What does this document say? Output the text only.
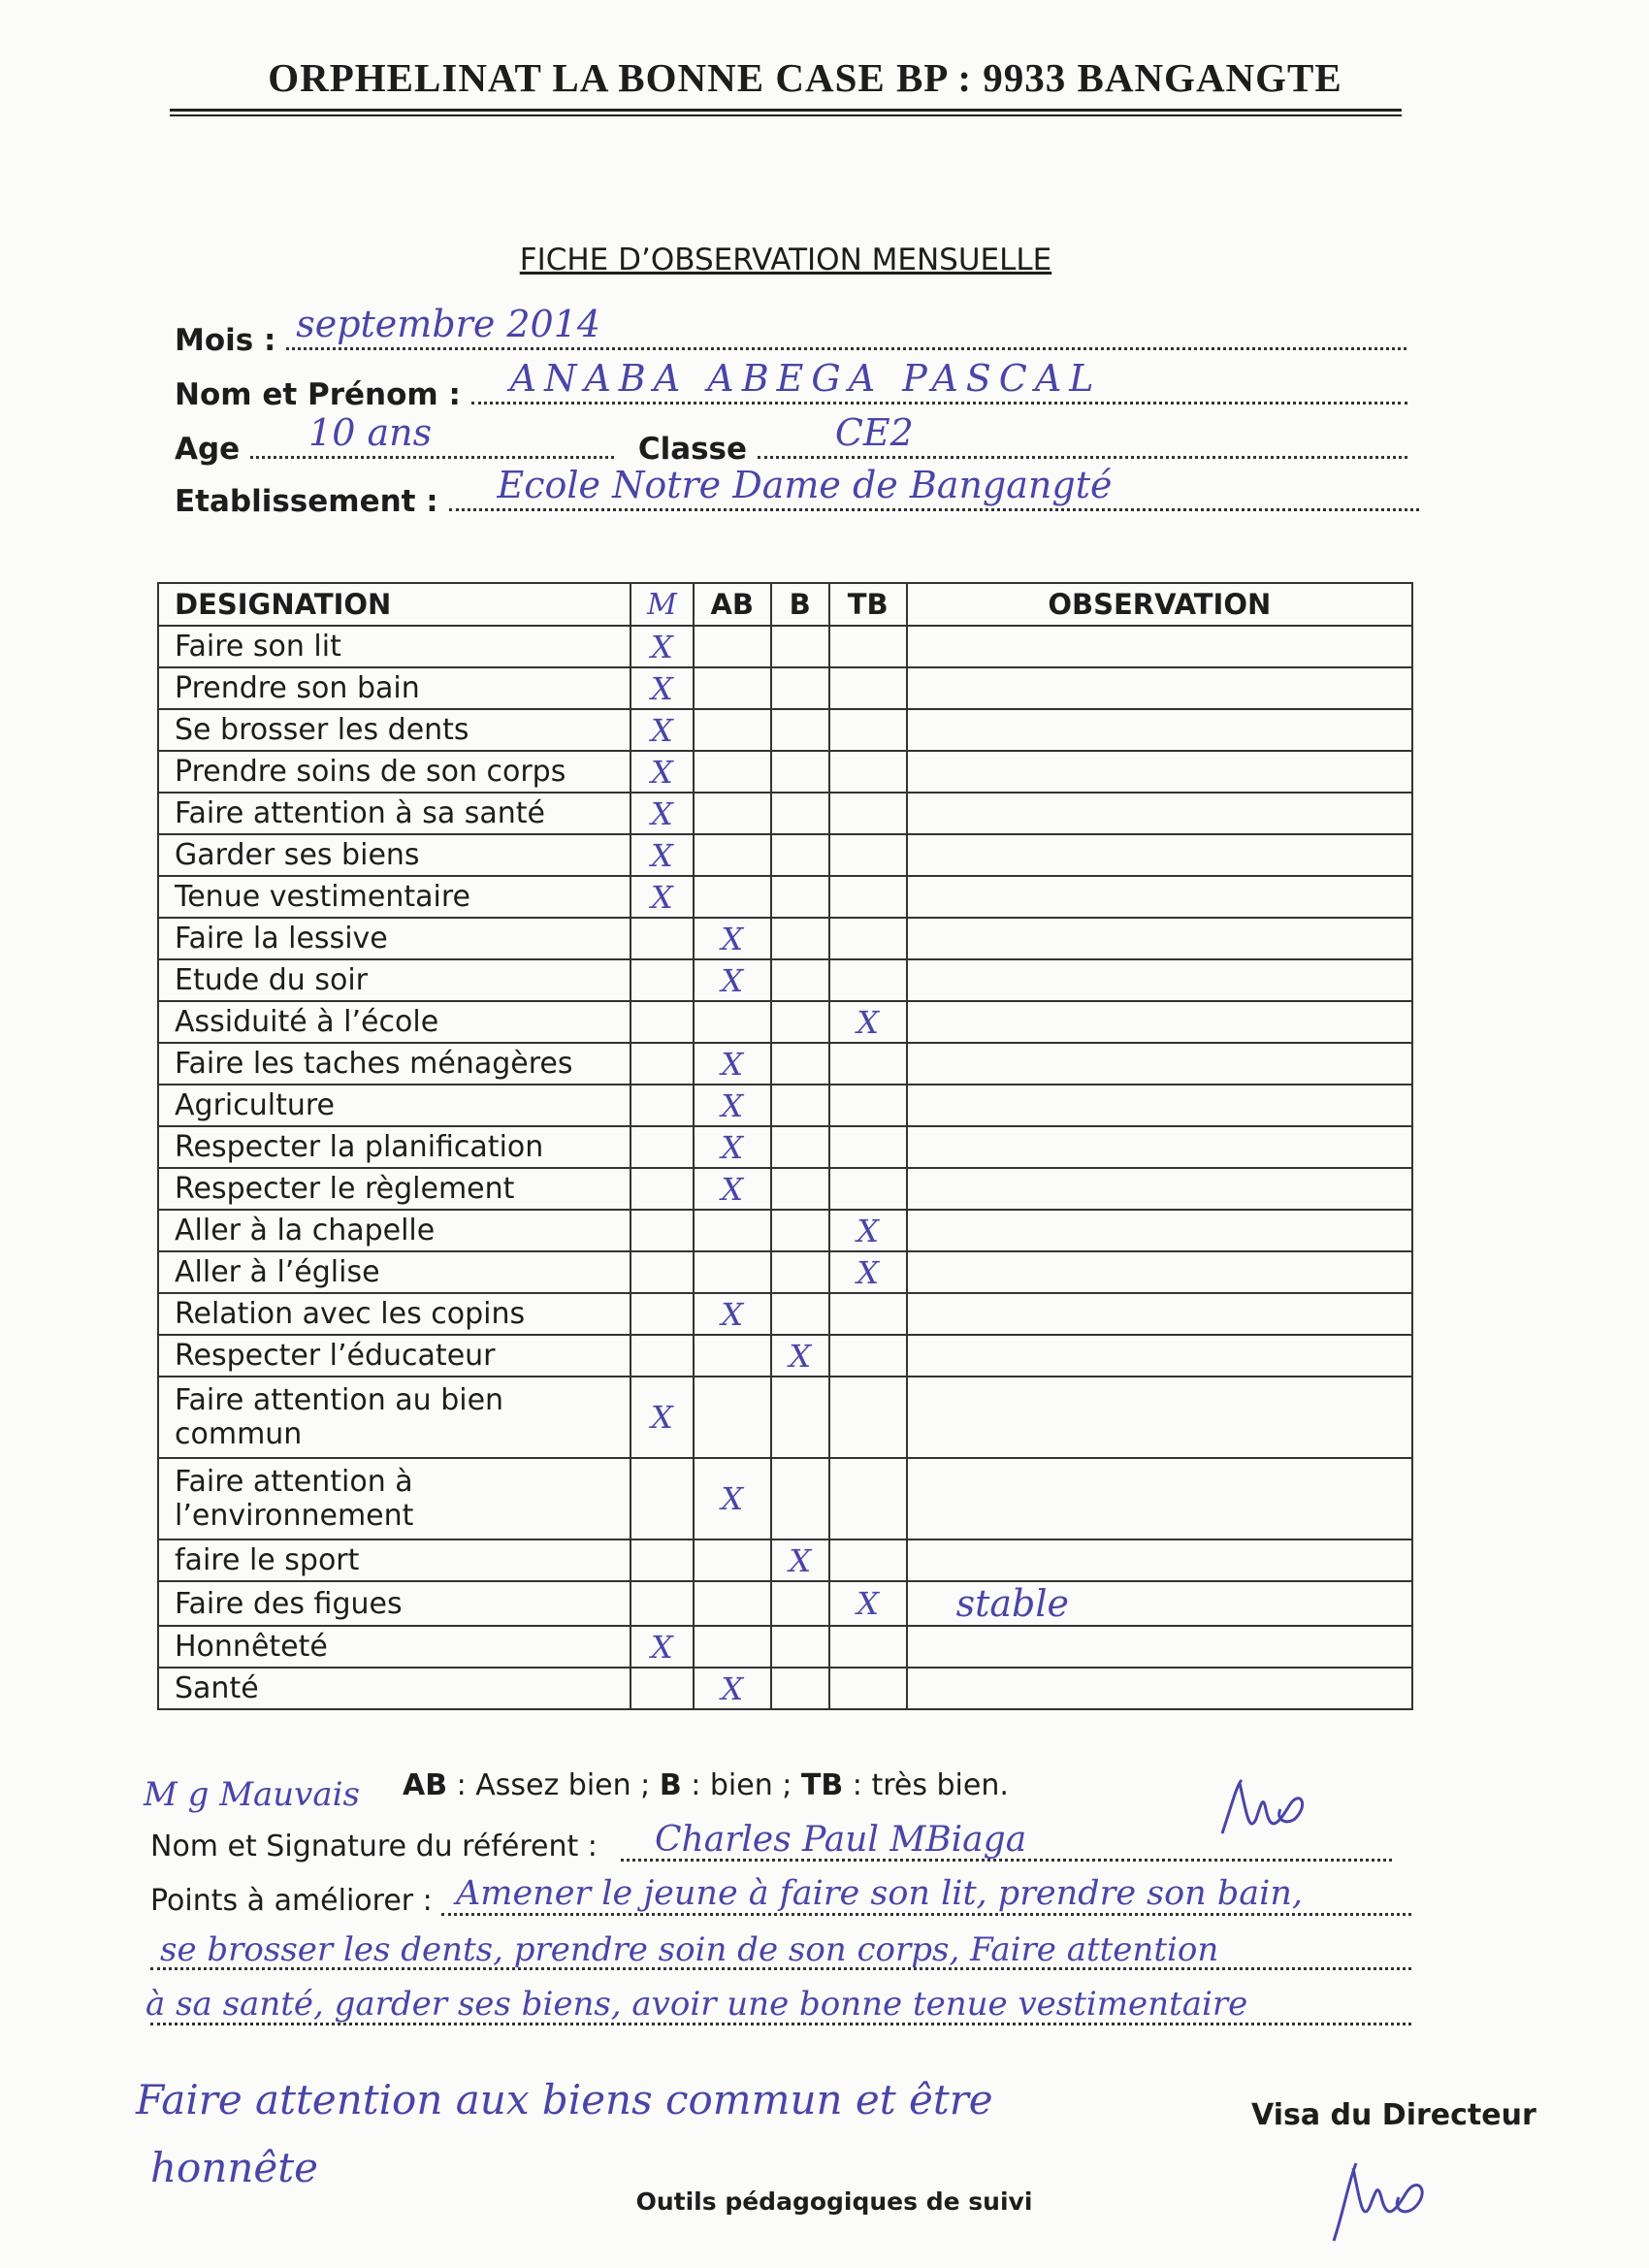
ORPHELINAT LA BONNE CASE BP : 9933 BANGANGTE
FICHE D’OBSERVATION MENSUELLE
Mois : septembre 2014
Nom et Prénom : ANABA ABEGA PASCAL
Age 10 ans	Classe CE2
Etablissement : Ecole Notre Dame de Bangangté
DESIGNATION	M	AB	B	TB	OBSERVATION
Faire son lit	X				
Prendre son bain	X				
Se brosser les dents	X				
Prendre soins de son corps	X				
Faire attention à sa santé	X				
Garder ses biens	X				
Tenue vestimentaire	X				
Faire la lessive		X			
Etude du soir		X			
Assiduité à l’école				X	
Faire les taches ménagères		X			
Agriculture		X			
Respecter la planification		X			
Respecter le règlement		X			
Aller à la chapelle				X	
Aller à l’église				X	
Relation avec les copins		X			
Respecter l’éducateur			X		
Faire attention au bien commun	X				
Faire attention à l’environnement		X			
faire le sport			X		
Faire des figues				X	stable
Honnêteté	X				
Santé		X			
M g Mauvais AB : Assez bien ; B : bien ; TB : très bien.
Nom et Signature du référent : Charles Paul MBiaga
Points à améliorer : Amener le jeune à faire son lit, prendre son bain,
se brosser les dents, prendre soin de son corps, Faire attention
à sa santé, garder ses biens, avoir une bonne tenue vestimentaire
Faire attention aux biens commun et être
honnête
Visa du Directeur
Outils pédagogiques de suivi
